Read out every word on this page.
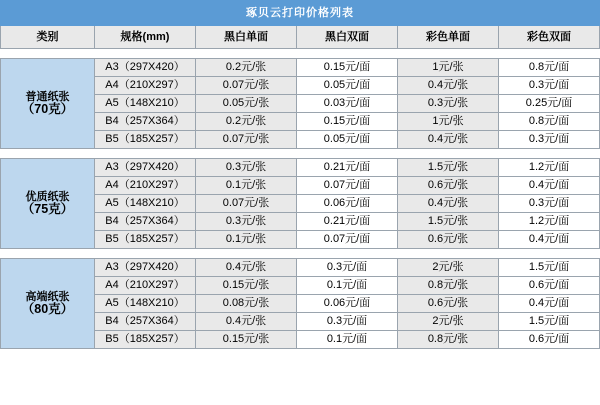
琢贝云打印价格列表					
类别	规格(mm)	黑白单面	黑白双面	彩色单面	彩色双面

普通纸张
（70克）	A3（297X420）	0.2元/张	0.15元/面	1元/张	0.8元/面
	A4（210X297）	0.07元/张	0.05元/面	0.4元/张	0.3元/面
	A5（148X210）	0.05元/张	0.03元/面	0.3元/张	0.25元/面
	B4（257X364）	0.2元/张	0.15元/面	1元/张	0.8元/面
	B5（185X257）	0.07元/张	0.05元/面	0.4元/张	0.3元/面

优质纸张
（75克）	A3（297X420）	0.3元/张	0.21元/面	1.5元/张	1.2元/面
	A4（210X297）	0.1元/张	0.07元/面	0.6元/张	0.4元/面
	A5（148X210）	0.07元/张	0.06元/面	0.4元/张	0.3元/面
	B4（257X364）	0.3元/张	0.21元/面	1.5元/张	1.2元/面
	B5（185X257）	0.1元/张	0.07元/面	0.6元/张	0.4元/面

高端纸张
（80克）	A3（297X420）	0.4元/张	0.3元/面	2元/张	1.5元/面
	A4（210X297）	0.15元/张	0.1元/面	0.8元/张	0.6元/面
	A5（148X210）	0.08元/张	0.06元/面	0.6元/张	0.4元/面
	B4（257X364）	0.4元/张	0.3元/面	2元/张	1.5元/面
	B5（185X257）	0.15元/张	0.1元/面	0.8元/张	0.6元/面
